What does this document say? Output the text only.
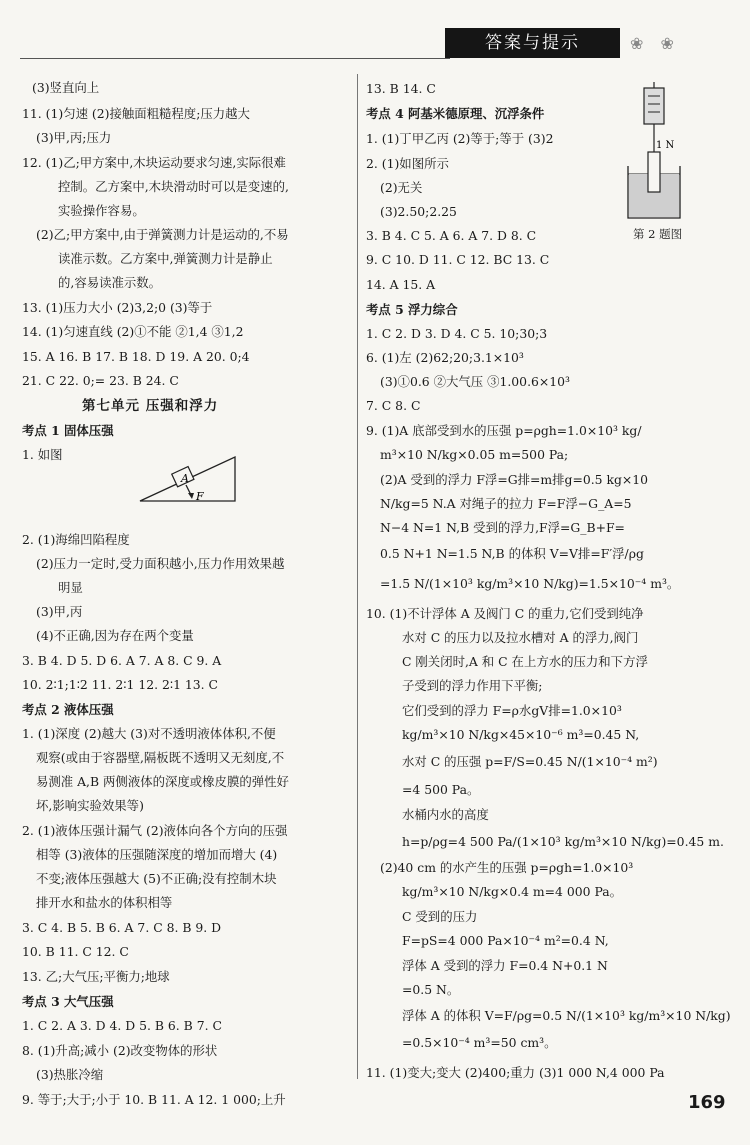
答案与提示	❀ ❀
(3)竖直向上
11. (1)匀速 (2)接触面粗糙程度;压力越大
(3)甲,丙;压力
12. (1)乙;甲方案中,木块运动要求匀速,实际很难
控制。乙方案中,木块滑动时可以是变速的,
实验操作容易。
(2)乙;甲方案中,由于弹簧测力计是运动的,不易
读准示数。乙方案中,弹簧测力计是静止
的,容易读准示数。
13. (1)压力大小 (2)3,2;0 (3)等于
14. (1)匀速直线 (2)①不能 ②1,4 ③1,2
15. A 16. B 17. B 18. D 19. A 20. 0;4
21. C 22. 0;= 23. B 24. C
第七单元 压强和浮力
考点 1 固体压强
1. 如图
2. (1)海绵凹陷程度
(2)压力一定时,受力面积越小,压力作用效果越
明显
(3)甲,丙
(4)不正确,因为存在两个变量
3. B 4. D 5. D 6. A 7. A 8. C 9. A
10. 2∶1;1∶2 11. 2∶1 12. 2∶1 13. C
考点 2 液体压强
1. (1)深度 (2)越大 (3)对不透明液体体积,不便
观察(或由于容器壁,隔板既不透明又无刻度,不
易测准 A,B 两侧液体的深度或橡皮膜的弹性好
坏,影响实验效果等)
2. (1)液体压强计漏气 (2)液体向各个方向的压强
相等 (3)液体的压强随深度的增加而增大 (4)
不变;液体压强越大 (5)不正确;没有控制木块
排开水和盐水的体积相等
3. C 4. B 5. B 6. A 7. C 8. B 9. D
10. B 11. C 12. C
13. 乙;大气压;平衡力;地球
考点 3 大气压强
1. C 2. A 3. D 4. D 5. B 6. B 7. C
8. (1)升高;减小 (2)改变物体的形状
(3)热胀冷缩
9. 等于;大于;小于 10. B 11. A 12. 1 000;上升
A
F
1 N
第 2 题图
13. B 14. C
考点 4 阿基米德原理、沉浮条件
1. (1)丁甲乙丙 (2)等于;等于 (3)2
2. (1)如图所示
(2)无关
(3)2.50;2.25
3. B 4. C 5. A 6. A 7. D 8. C
9. C 10. D 11. C 12. BC 13. C
14. A 15. A
考点 5 浮力综合
1. C 2. D 3. D 4. C 5. 10;30;3
6. (1)左 (2)62;20;3.1×10³
(3)①0.6 ②大气压 ③1.00.6×10³
7. C 8. C
9. (1)A 底部受到水的压强 p=ρgh=1.0×10³ kg/
m³×10 N/kg×0.05 m=500 Pa;
(2)A 受到的浮力 F浮=G排=m排g=0.5 kg×10
N/kg=5 N.A 对绳子的拉力 F=F浮−G_A=5
N−4 N=1 N,B 受到的浮力,F浮=G_B+F=
0.5 N+1 N=1.5 N,B 的体积 V=V排=F′浮/ρg
=1.5 N/(1×10³ kg/m³×10 N/kg)=1.5×10⁻⁴ m³。
10. (1)不计浮体 A 及阀门 C 的重力,它们受到纯净
水对 C 的压力以及拉水槽对 A 的浮力,阀门
C 刚关闭时,A 和 C 在上方水的压力和下方浮
子受到的浮力作用下平衡;
它们受到的浮力 F=ρ水gV排=1.0×10³
kg/m³×10 N/kg×45×10⁻⁶ m³=0.45 N,
水对 C 的压强 p=F/S=0.45 N/(1×10⁻⁴ m²)
=4 500 Pa。
水桶内水的高度
h=p/ρg=4 500 Pa/(1×10³ kg/m³×10 N/kg)=0.45 m.
(2)40 cm 的水产生的压强 p=ρgh=1.0×10³
kg/m³×10 N/kg×0.4 m=4 000 Pa。
C 受到的压力
F=pS=4 000 Pa×10⁻⁴ m²=0.4 N,
浮体 A 受到的浮力 F=0.4 N+0.1 N
=0.5 N。
浮体 A 的体积 V=F/ρg=0.5 N/(1×10³ kg/m³×10 N/kg)
=0.5×10⁻⁴ m³=50 cm³。
11. (1)变大;变大 (2)400;重力 (3)1 000 N,4 000 Pa
169
